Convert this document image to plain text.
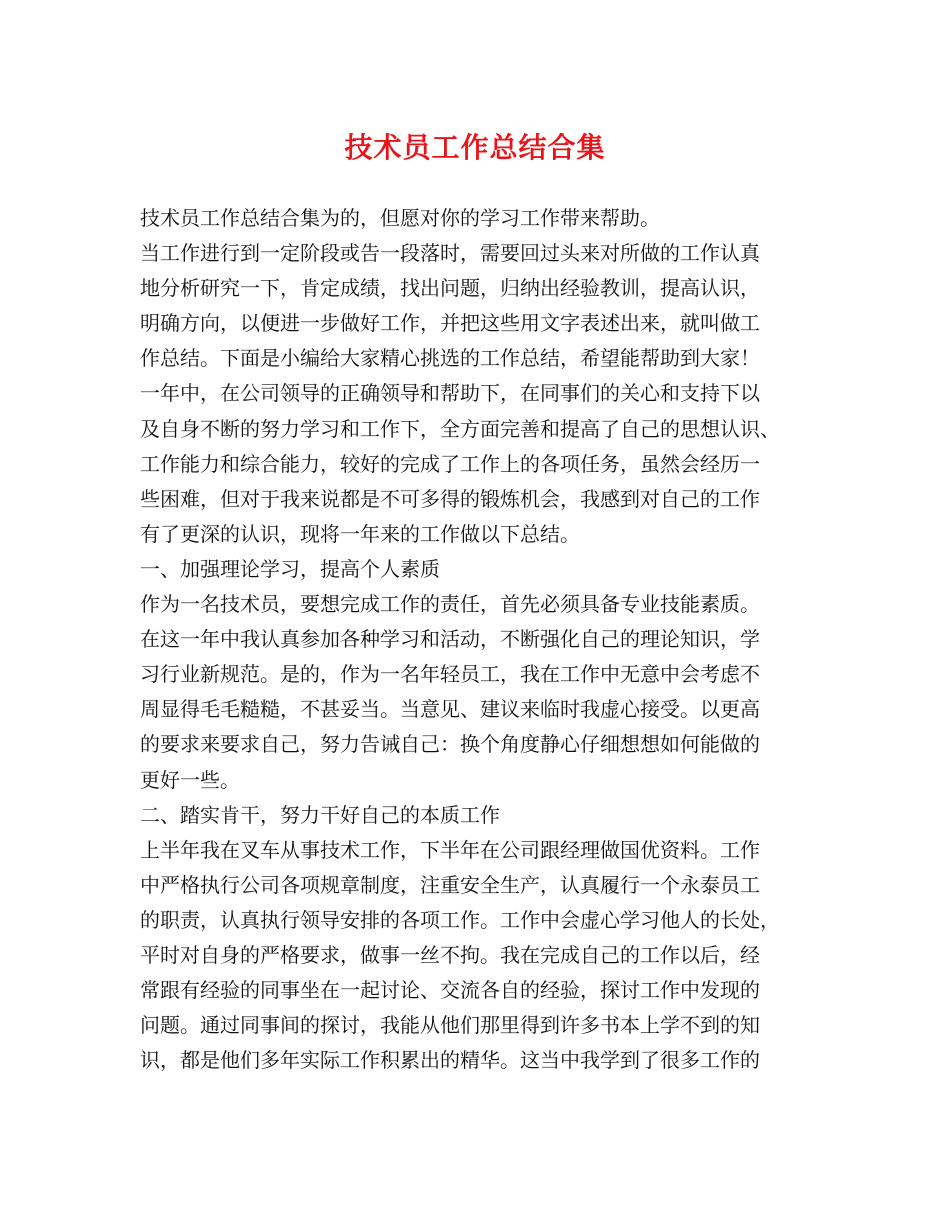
技术员工作总结合集
技术员工作总结合集为的，但愿对你的学习工作带来帮助。
当工作进行到一定阶段或告一段落时，需要回过头来对所做的工作认真
地分析研究一下，肯定成绩，找出问题，归纳出经验教训，提高认识，
明确方向，以便进一步做好工作，并把这些用文字表述出来，就叫做工
作总结。下面是小编给大家精心挑选的工作总结，希望能帮助到大家！
一年中，在公司领导的正确领导和帮助下，在同事们的关心和支持下以
及自身不断的努力学习和工作下，全方面完善和提高了自己的思想认识、
工作能力和综合能力，较好的完成了工作上的各项任务，虽然会经历一
些困难，但对于我来说都是不可多得的锻炼机会，我感到对自己的工作
有了更深的认识，现将一年来的工作做以下总结。
一、加强理论学习，提高个人素质
作为一名技术员，要想完成工作的责任，首先必须具备专业技能素质。
在这一年中我认真参加各种学习和活动，不断强化自己的理论知识，学
习行业新规范。是的，作为一名年轻员工，我在工作中无意中会考虑不
周显得毛毛糙糙，不甚妥当。当意见、建议来临时我虚心接受。以更高
的要求来要求自己，努力告诫自己：换个角度静心仔细想想如何能做的
更好一些。
二、踏实肯干，努力干好自己的本质工作
上半年我在叉车从事技术工作，下半年在公司跟经理做国优资料。工作
中严格执行公司各项规章制度，注重安全生产，认真履行一个永泰员工
的职责，认真执行领导安排的各项工作。工作中会虚心学习他人的长处，
平时对自身的严格要求，做事一丝不拘。我在完成自己的工作以后，经
常跟有经验的同事坐在一起讨论、交流各自的经验，探讨工作中发现的
问题。通过同事间的探讨，我能从他们那里得到许多书本上学不到的知
识，都是他们多年实际工作积累出的精华。这当中我学到了很多工作的
